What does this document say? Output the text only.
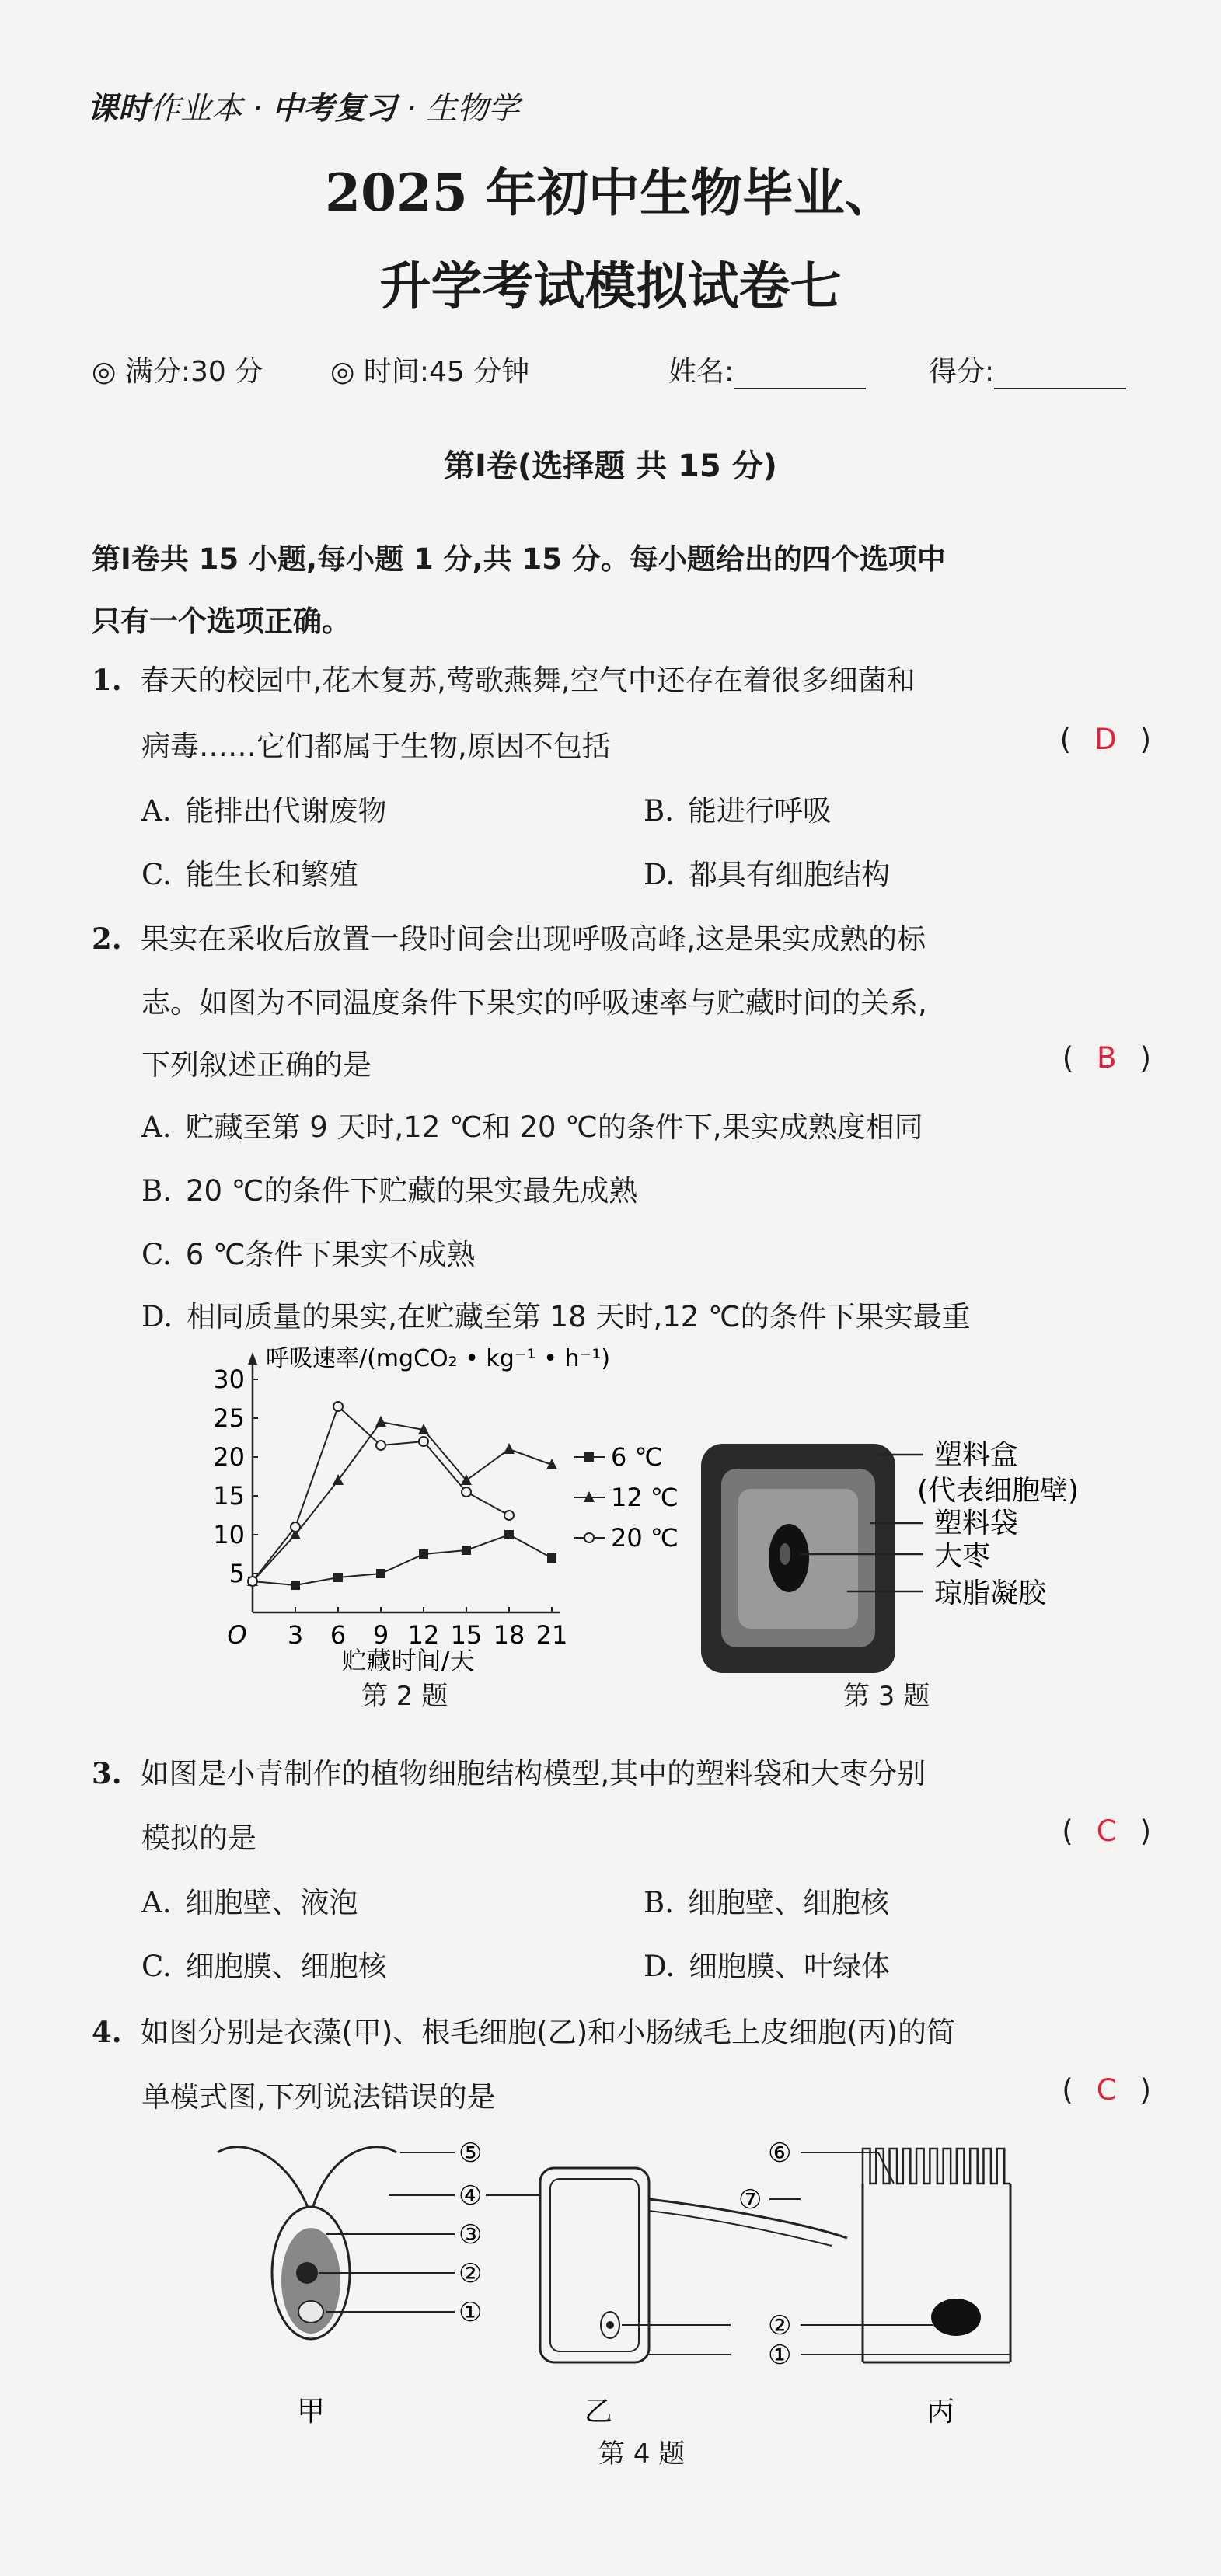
课时作业本 · 中考复习 · 生物学
2025 年初中生物毕业、
升学考试模拟试卷七
◎ 满分:30 分 ◎ 时间:45 分钟	姓名:	得分:
第Ⅰ卷(选择题 共 15 分)
第Ⅰ卷共 15 小题,每小题 1 分,共 15 分。每小题给出的四个选项中
只有一个选项正确。
1. 春天的校园中,花木复苏,莺歌燕舞,空气中还存在着很多细菌和
病毒……它们都属于生物,原因不包括	( D )
A. 能排出代谢废物	B. 能进行呼吸
C. 能生长和繁殖	D. 都具有细胞结构
2. 果实在采收后放置一段时间会出现呼吸高峰,这是果实成熟的标
志。如图为不同温度条件下果实的呼吸速率与贮藏时间的关系,
下列叙述正确的是	( B )
A. 贮藏至第 9 天时,12 ℃和 20 ℃的条件下,果实成熟度相同
B. 20 ℃的条件下贮藏的果实最先成熟
C. 6 ℃条件下果实不成熟
D. 相同质量的果实,在贮藏至第 18 天时,12 ℃的条件下果实最重
呼吸速率/(mgCO₂ • kg⁻¹ • h⁻¹)
贮藏时间/天
O 3 6 9 12 15 18 21
5
10
15
20
25
30
6 ℃
12 ℃
20 ℃
第 2 题
塑料盒
(代表细胞壁)
塑料袋
大枣
琼脂凝胶
第 3 题
3. 如图是小青制作的植物细胞结构模型,其中的塑料袋和大枣分别
模拟的是	( C )
A. 细胞壁、液泡	B. 细胞壁、细胞核
C. 细胞膜、细胞核	D. 细胞膜、叶绿体
4. 如图分别是衣藻(甲)、根毛细胞(乙)和小肠绒毛上皮细胞(丙)的简
单模式图,下列说法错误的是	( C )
⑤
④
③
②
①
⑥
⑦
②
①
甲	乙	丙
第 4 题
